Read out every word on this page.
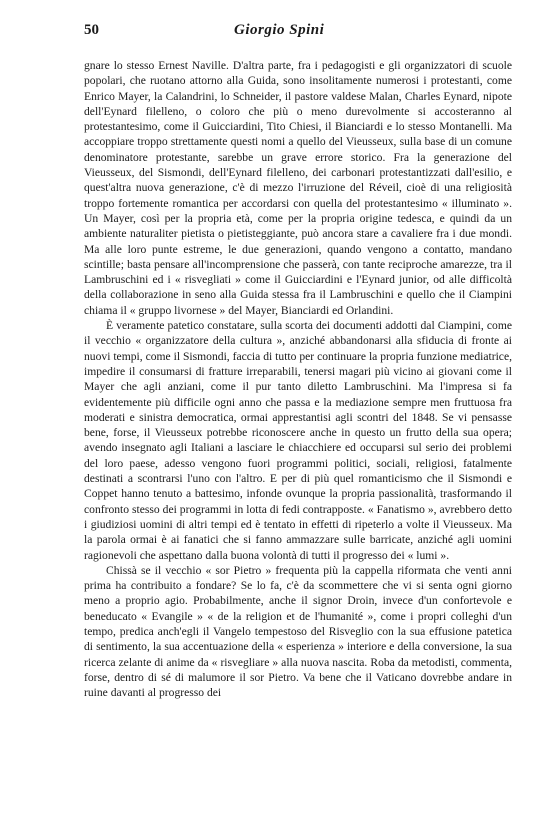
50	Giorgio Spini

gnare lo stesso Ernest Naville. D'altra parte, fra i pedagogisti e gli organizzatori di scuole popolari, che ruotano attorno alla Guida, sono insolitamente numerosi i protestanti, come Enrico Mayer, la Calandrini, lo Schneider, il pastore valdese Malan, Charles Eynard, nipote dell'Eynard filelleno, o coloro che più o meno durevolmente si accosteranno al protestantesimo, come il Guicciardini, Tito Chiesi, il Bianciardi e lo stesso Montanelli. Ma accoppiare troppo strettamente questi nomi a quello del Vieusseux, sulla base di un comune denominatore protestante, sarebbe un grave errore storico. Fra la generazione del Vieusseux, del Sismondi, dell'Eynard filelleno, dei carbonari protestantizzati dall'esilio, e quest'altra nuova generazione, c'è di mezzo l'irruzione del Réveil, cioè di una religiosità troppo fortemente romantica per accordarsi con quella del protestantesimo « illuminato ». Un Mayer, così per la propria età, come per la propria origine tedesca, e quindi da un ambiente naturaliter pietista o pietisteggiante, può ancora stare a cavaliere fra i due mondi. Ma alle loro punte estreme, le due generazioni, quando vengono a contatto, mandano scintille; basta pensare all'incomprensione che passerà, con tante reciproche amarezze, tra il Lambruschini ed i « risvegliati » come il Guicciardini e l'Eynard junior, od alle difficoltà della collaborazione in seno alla Guida stessa fra il Lambruschini e quello che il Ciampini chiama il « gruppo livornese » del Mayer, Bianciardi ed Orlandini.

È veramente patetico constatare, sulla scorta dei documenti addotti dal Ciampini, come il vecchio « organizzatore della cultura », anziché abbandonarsi alla sfiducia di fronte ai nuovi tempi, come il Sismondi, faccia di tutto per continuare la propria funzione mediatrice, impedire il consumarsi di fratture irreparabili, tenersi magari più vicino ai giovani come il Mayer che agli anziani, come il pur tanto diletto Lambruschini. Ma l'impresa si fa evidentemente più difficile ogni anno che passa e la mediazione sempre men fruttuosa fra moderati e sinistra democratica, ormai apprestantisi agli scontri del 1848. Se vi pensasse bene, forse, il Vieusseux potrebbe riconoscere anche in questo un frutto della sua opera; avendo insegnato agli Italiani a lasciare le chiacchiere ed occuparsi sul serio dei problemi del loro paese, adesso vengono fuori programmi politici, sociali, religiosi, fatalmente destinati a scontrarsi l'uno con l'altro. E per di più quel romanticismo che il Sismondi e Coppet hanno tenuto a battesimo, infonde ovunque la propria passionalità, trasformando il confronto stesso dei programmi in lotta di fedi contrapposte. « Fanatismo », avrebbero detto i giudiziosi uomini di altri tempi ed è tentato in effetti di ripeterlo a volte il Vieusseux. Ma la parola ormai è ai fanatici che si fanno ammazzare sulle barricate, anziché agli uomini ragionevoli che aspettano dalla buona volontà di tutti il progresso dei « lumi ».

Chissà se il vecchio « sor Pietro » frequenta più la cappella riformata che venti anni prima ha contribuito a fondare? Se lo fa, c'è da scommettere che vi si senta ogni giorno meno a proprio agio. Probabilmente, anche il signor Droin, invece d'un confortevole e beneducato « Evangile » « de la religion et de l'humanité », come i propri colleghi d'un tempo, predica anch'egli il Vangelo tempestoso del Risveglio con la sua effusione patetica di sentimento, la sua accentuazione della « esperienza » interiore e della conversione, la sua ricerca zelante di anime da « risvegliare » alla nuova nascita. Roba da metodisti, commenta, forse, dentro di sé di malumore il sor Pietro. Va bene che il Vaticano dovrebbe andare in ruine davanti al progresso dei
